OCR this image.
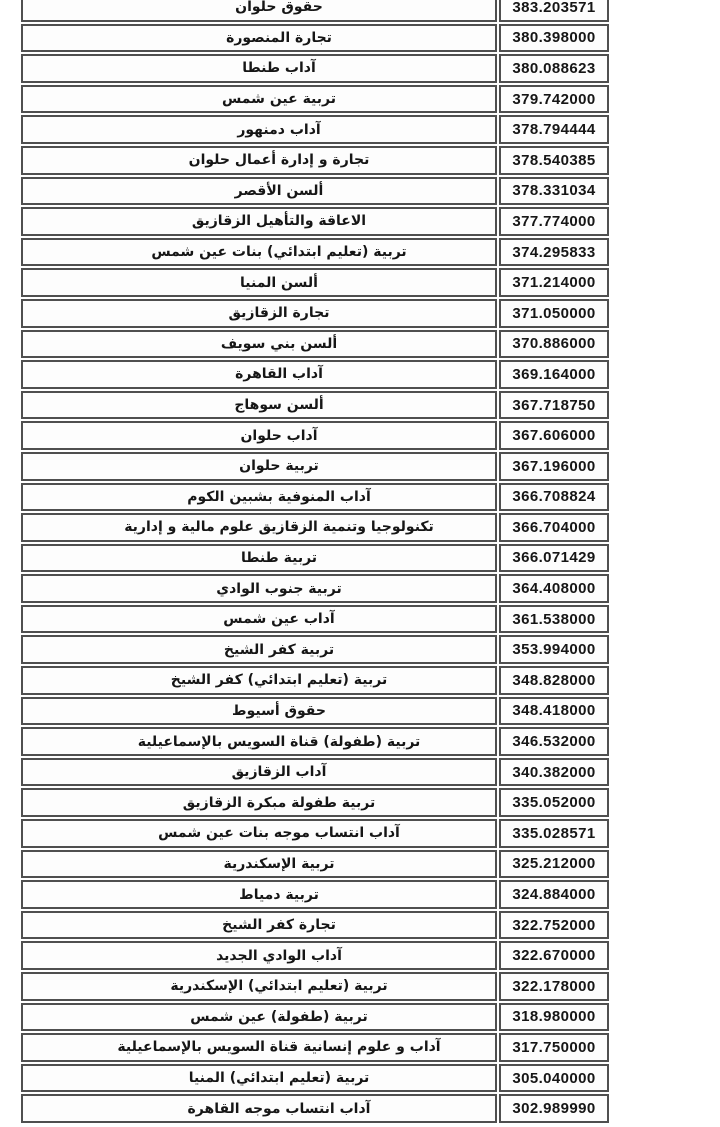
حقوق حلوان	383.203571
تجارة المنصورة	380.398000
آداب طنطا	380.088623
تربية عين شمس	379.742000
آداب دمنهور	378.794444
تجارة و إدارة أعمال حلوان	378.540385
ألسن الأقصر	378.331034
الاعاقة والتأهيل الزقازيق	377.774000
تربية (تعليم ابتدائي) بنات عين شمس	374.295833
ألسن المنيا	371.214000
تجارة الزقازيق	371.050000
ألسن بني سويف	370.886000
آداب القاهرة	369.164000
ألسن سوهاج	367.718750
آداب حلوان	367.606000
تربية حلوان	367.196000
آداب المنوفية بشبين الكوم	366.708824
تكنولوجيا وتنمية الزقازيق علوم مالية و إدارية	366.704000
تربية طنطا	366.071429
تربية جنوب الوادي	364.408000
آداب عين شمس	361.538000
تربية كفر الشيخ	353.994000
تربية (تعليم ابتدائي) كفر الشيخ	348.828000
حقوق أسيوط	348.418000
تربية (طفولة) قناة السويس بالإسماعيلية	346.532000
آداب الزقازيق	340.382000
تربية طفولة مبكرة الزقازيق	335.052000
آداب انتساب موجه بنات عين شمس	335.028571
تربية الإسكندرية	325.212000
تربية دمياط	324.884000
تجارة كفر الشيخ	322.752000
آداب الوادي الجديد	322.670000
تربية (تعليم ابتدائي) الإسكندرية	322.178000
تربية (طفولة) عين شمس	318.980000
آداب و علوم إنسانية قناة السويس بالإسماعيلية	317.750000
تربية (تعليم ابتدائي) المنيا	305.040000
آداب انتساب موجه القاهرة	302.989990
